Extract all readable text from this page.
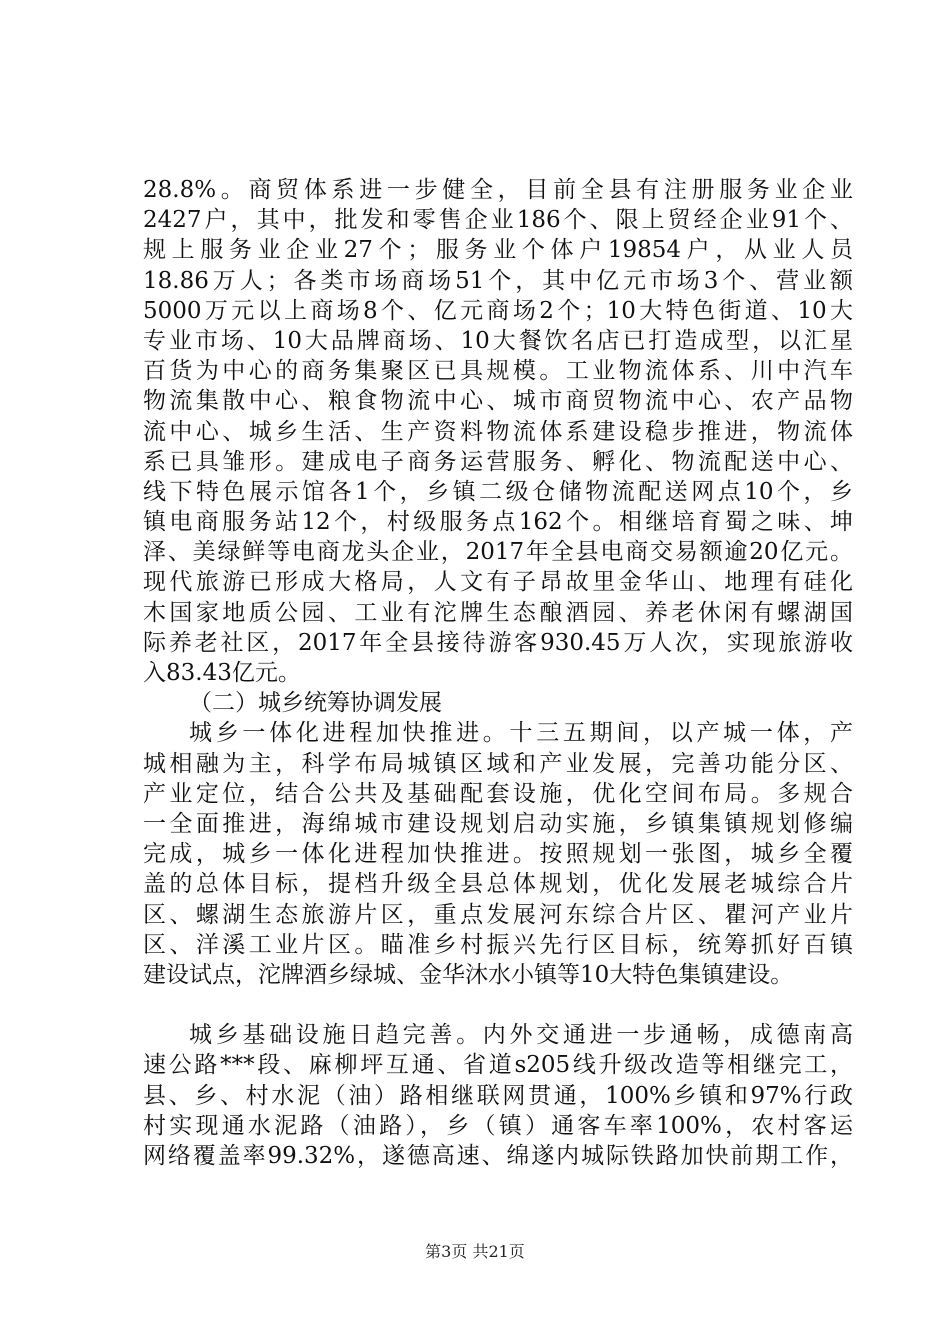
28.8%。商贸体系进一步健全，目前全县有注册服务业企业
2427户，其中，批发和零售企业186个、限上贸经企业91个、
规上服务业企业27个；服务业个体户19854户，从业人员
18.86万人；各类市场商场51个，其中亿元市场3个、营业额
5000万元以上商场8个、亿元商场2个；10大特色街道、10大
专业市场、10大品牌商场、10大餐饮名店已打造成型，以汇星
百货为中心的商务集聚区已具规模。工业物流体系、川中汽车
物流集散中心、粮食物流中心、城市商贸物流中心、农产品物
流中心、城乡生活、生产资料物流体系建设稳步推进，物流体
系已具雏形。建成电子商务运营服务、孵化、物流配送中心、
线下特色展示馆各1个，乡镇二级仓储物流配送网点10个，乡
镇电商服务站12个，村级服务点162个。相继培育蜀之味、坤
泽、美绿鲜等电商龙头企业，2017年全县电商交易额逾20亿元。
现代旅游已形成大格局，人文有子昂故里金华山、地理有硅化
木国家地质公园、工业有沱牌生态酿酒园、养老休闲有螺湖国
际养老社区，2017年全县接待游客930.45万人次，实现旅游收
入83.43亿元。
（二）城乡统筹协调发展
城乡一体化进程加快推进。十三五期间，以产城一体，产
城相融为主，科学布局城镇区域和产业发展，完善功能分区、
产业定位，结合公共及基础配套设施，优化空间布局。多规合
一全面推进，海绵城市建设规划启动实施，乡镇集镇规划修编
完成，城乡一体化进程加快推进。按照规划一张图，城乡全覆
盖的总体目标，提档升级全县总体规划，优化发展老城综合片
区、螺湖生态旅游片区，重点发展河东综合片区、瞿河产业片
区、洋溪工业片区。瞄准乡村振兴先行区目标，统筹抓好百镇
建设试点，沱牌酒乡绿城、金华沐水小镇等10大特色集镇建设。
城乡基础设施日趋完善。内外交通进一步通畅，成德南高
速公路***段、麻柳坪互通、省道s205线升级改造等相继完工，
县、乡、村水泥（油）路相继联网贯通，100%乡镇和97%行政
村实现通水泥路（油路），乡（镇）通客车率100%，农村客运
网络覆盖率99.32%，遂德高速、绵遂内城际铁路加快前期工作，
第3页 共21页
